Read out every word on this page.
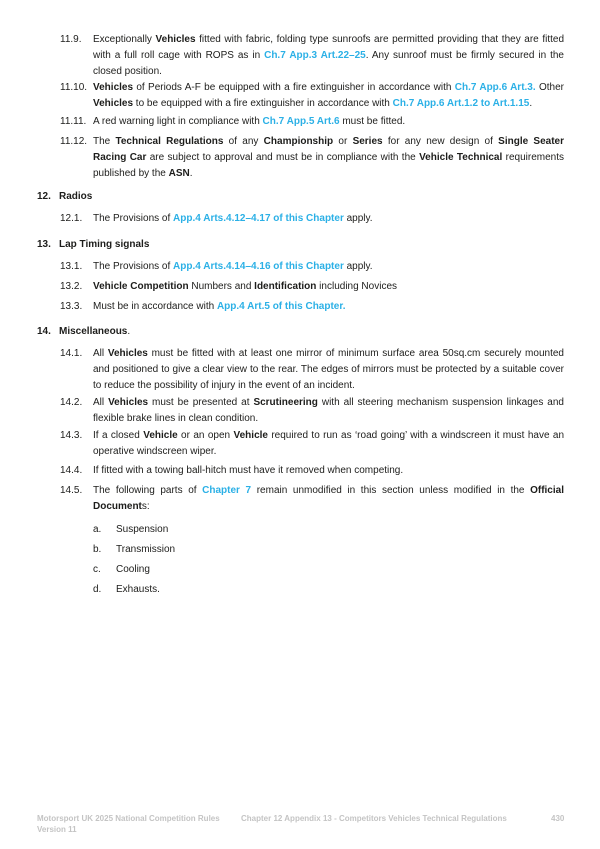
11.9. Exceptionally Vehicles fitted with fabric, folding type sunroofs are permitted providing that they are fitted with a full roll cage with ROPS as in Ch.7 App.3 Art.22–25. Any sunroof must be firmly secured in the closed position.
11.10. Vehicles of Periods A-F be equipped with a fire extinguisher in accordance with Ch.7 App.6 Art.3. Other Vehicles to be equipped with a fire extinguisher in accordance with Ch.7 App.6 Art.1.2 to Art.1.15.
11.11. A red warning light in compliance with Ch.7 App.5 Art.6 must be fitted.
11.12. The Technical Regulations of any Championship or Series for any new design of Single Seater Racing Car are subject to approval and must be in compliance with the Vehicle Technical requirements published by the ASN.
12. Radios
12.1. The Provisions of App.4 Arts.4.12–4.17 of this Chapter apply.
13. Lap Timing signals
13.1. The Provisions of App.4 Arts.4.14–4.16 of this Chapter apply.
13.2. Vehicle Competition Numbers and Identification including Novices
13.3. Must be in accordance with App.4 Art.5 of this Chapter.
14. Miscellaneous.
14.1. All Vehicles must be fitted with at least one mirror of minimum surface area 50sq.cm securely mounted and positioned to give a clear view to the rear. The edges of mirrors must be protected by a suitable cover to reduce the possibility of injury in the event of an incident.
14.2. All Vehicles must be presented at Scrutineering with all steering mechanism suspension linkages and flexible brake lines in clean condition.
14.3. If a closed Vehicle or an open Vehicle required to run as ‘road going’ with a windscreen it must have an operative windscreen wiper.
14.4. If fitted with a towing ball-hitch must have it removed when competing.
14.5. The following parts of Chapter 7 remain unmodified in this section unless modified in the Official Documents:
a. Suspension
b. Transmission
c. Cooling
d. Exhausts.
Motorsport UK 2025 National Competition Rules
Version 11
Chapter 12 Appendix 13 - Competitors Vehicles Technical Regulations	430
